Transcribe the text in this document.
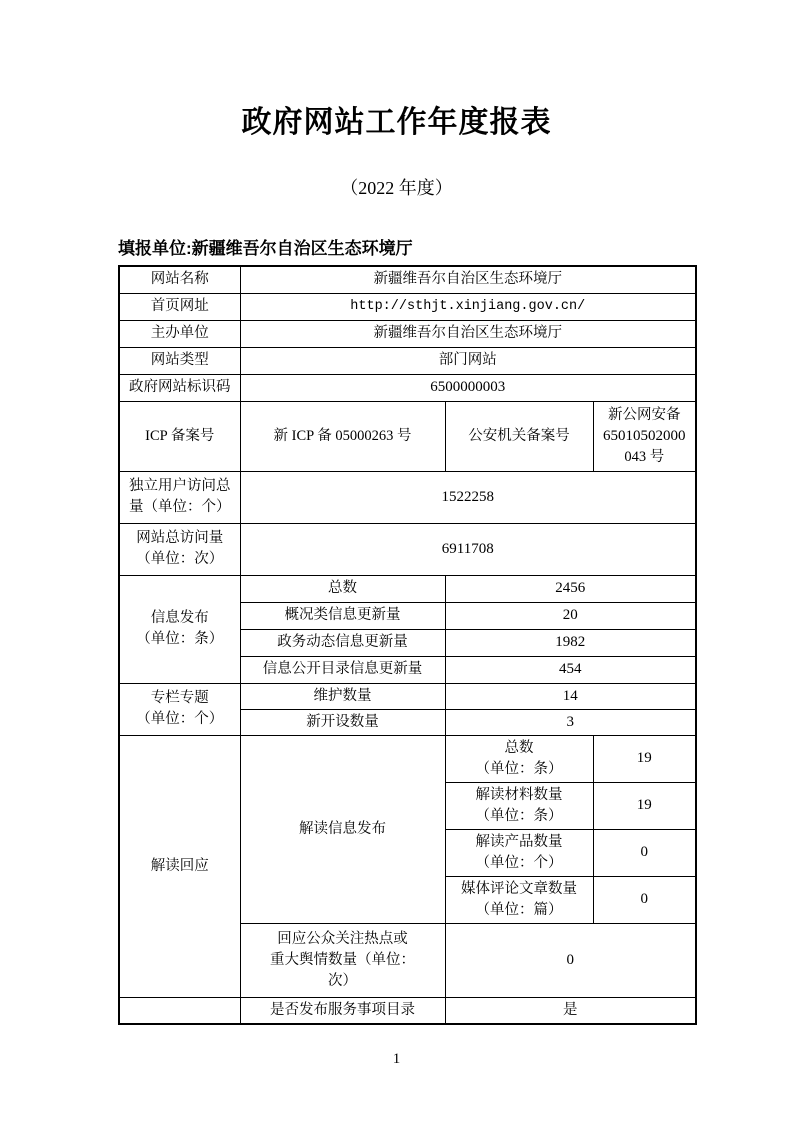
政府网站工作年度报表
（2022 年度）
填报单位:新疆维吾尔自治区生态环境厅
网站名称	新疆维吾尔自治区生态环境厅		
首页网址	http://sthjt.xinjiang.gov.cn/		
主办单位	新疆维吾尔自治区生态环境厅		
网站类型	部门网站		
政府网站标识码	6500000003		
ICP 备案号	新 ICP 备 05000263 号	公安机关备案号	新公网安备
65010502000
043 号

独立用户访问总
量（单位：个）	1522258		

网站总访问量
（单位：次）	6911708		

信息发布
（单位：条）	总数	2456	
	概况类信息更新量	20	
	政务动态信息更新量	1982	
	信息公开目录信息更新量	454	

专栏专题
（单位：个）	维护数量	14	
	新开设数量	3	
解读回应	解读信息发布	总数
（单位：条）	19

		解读材料数量
（单位：条）	19

		解读产品数量
（单位：个）	0

		媒体评论文章数量
（单位：篇）	0

	回应公众关注热点或
重大舆情数量（单位：
次）	0	
	是否发布服务事项目录	是	
1
